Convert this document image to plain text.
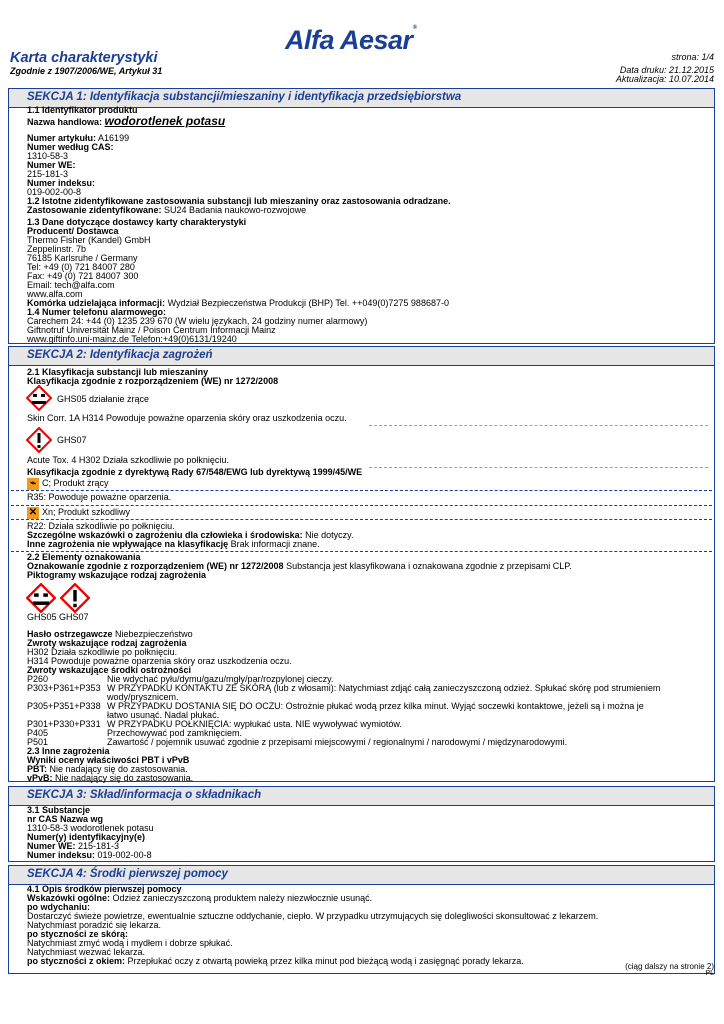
Alfa Aesar®
Karta charakterystyki
Zgodnie z 1907/2006/WE, Artykuł 31
strona: 1/4
Data druku: 21.12.2015
Aktualizacja: 10.07.2014
SEKCJA 1: Identyfikacja substancji/mieszaniny i identyfikacja przedsiębiorstwa
1.1 Identyfikator produktu
Nazwa handlowa: wodorotlenek potasu
Numer artykułu: A16199
Numer według CAS:
1310-58-3
Numer WE:
215-181-3
Numer indeksu:
019-002-00-8
1.2 Istotne zidentyfikowane zastosowania substancji lub mieszaniny oraz zastosowania odradzane.
Zastosowanie zidentyfikowane: SU24 Badania naukowo-rozwojowe
1.3 Dane dotyczące dostawcy karty charakterystyki
Producent/ Dostawca
Thermo Fisher (Kandel) GmbH
Zeppelinstr. 7b
76185 Karlsruhe / Germany
Tel: +49 (0) 721 84007 280
Fax: +49 (0) 721 84007 300
Email: tech@alfa.com
www.alfa.com
Komórka udzielająca informacji: Wydział Bezpieczeństwa Produkcji (BHP) Tel. ++049(0)7275 988687-0
1.4 Numer telefonu alarmowego:
Carechem 24: +44 (0) 1235 239 670 (W wielu językach, 24 godziny numer alarmowy)
Giftnotruf Universität Mainz / Poison Centrum Informacji Mainz
www.giftinfo.uni-mainz.de Telefon:+49(0)6131/19240
SEKCJA 2: Identyfikacja zagrożeń
2.1 Klasyfikacja substancji lub mieszaniny
Klasyfikacja zgodnie z rozporządzeniem (WE) nr 1272/2008
GHS05 działanie żrące
Skin Corr. 1A H314 Powoduje poważne oparzenia skóry oraz uszkodzenia oczu.
GHS07
Acute Tox. 4 H302 Działa szkodliwie po połknięciu.
Klasyfikacja zgodnie z dyrektywą Rady 67/548/EWG lub dyrektywą 1999/45/WE
⌁ C; Produkt żrący
R35: Powoduje poważne oparzenia.
✕ Xn; Produkt szkodliwy
R22: Działa szkodliwie po połknięciu.
Szczególne wskazówki o zagrożeniu dla człowieka i środowiska: Nie dotyczy.
Inne zagrożenia nie wpływające na klasyfikację Brak informacji znane.
2.2 Elementy oznakowania
Oznakowanie zgodnie z rozporządzeniem (WE) nr 1272/2008 Substancja jest klasyfikowana i oznakowana zgodnie z przepisami CLP.
Piktogramy wskazujące rodzaj zagrożenia
GHS05 GHS07
Hasło ostrzegawcze Niebezpieczeństwo
Zwroty wskazujące rodzaj zagrożenia
H302 Działa szkodliwie po połknięciu.
H314 Powoduje poważne oparzenia skóry oraz uszkodzenia oczu.
Zwroty wskazujące środki ostrożności
P260	Nie wdychać pyłu/dymu/gazu/mgły/par/rozpylonej cieczy.
P303+P361+P353 W PRZYPADKU KONTAKTU ZE SKÓRĄ (lub z włosami): Natychmiast zdjąć całą zanieczyszczoną odzież. Spłukać skórę pod strumieniem
wody/prysznicem.
P305+P351+P338 W PRZYPADKU DOSTANIA SIĘ DO OCZU: Ostrożnie płukać wodą przez kilka minut. Wyjąć soczewki kontaktowe, jeżeli są i można je
łatwo usunąć. Nadal płukać.
P301+P330+P331 W PRZYPADKU POŁKNIĘCIA: wypłukać usta. NIE wywoływać wymiotów.
P405	Przechowywać pod zamknięciem.
P501	Zawartość / pojemnik usuwać zgodnie z przepisami miejscowymi / regionalnymi / narodowymi / międzynarodowymi.
2.3 Inne zagrożenia
Wyniki oceny właściwości PBT i vPvB
PBT: Nie nadający się do zastosowania.
vPvB: Nie nadający się do zastosowania.
SEKCJA 3: Skład/informacja o składnikach
3.1 Substancje
nr CAS Nazwa wg
1310-58-3 wodorotlenek potasu
Numer(y) identyfikacyjny(e)
Numer WE: 215-181-3
Numer indeksu: 019-002-00-8
SEKCJA 4: Środki pierwszej pomocy
4.1 Opis środków pierwszej pomocy
Wskazówki ogólne: Odzież zanieczyszczoną produktem należy niezwłocznie usunąć.
po wdychaniu:
Dostarczyć świeże powietrze, ewentualnie sztuczne oddychanie, ciepło. W przypadku utrzymujących się dolegliwości skonsultować z lekarzem.
Natychmiast poradzić się lekarza.
po styczności ze skórą:
Natychmiast zmyć wodą i mydłem i dobrze spłukać.
Natychmiast wezwać lekarza.
po styczności z okiem: Przepłukać oczy z otwartą powieką przez kilka minut pod bieżącą wodą i zasięgnąć porady lekarza.
(ciąg dalszy na stronie 2)
PL
